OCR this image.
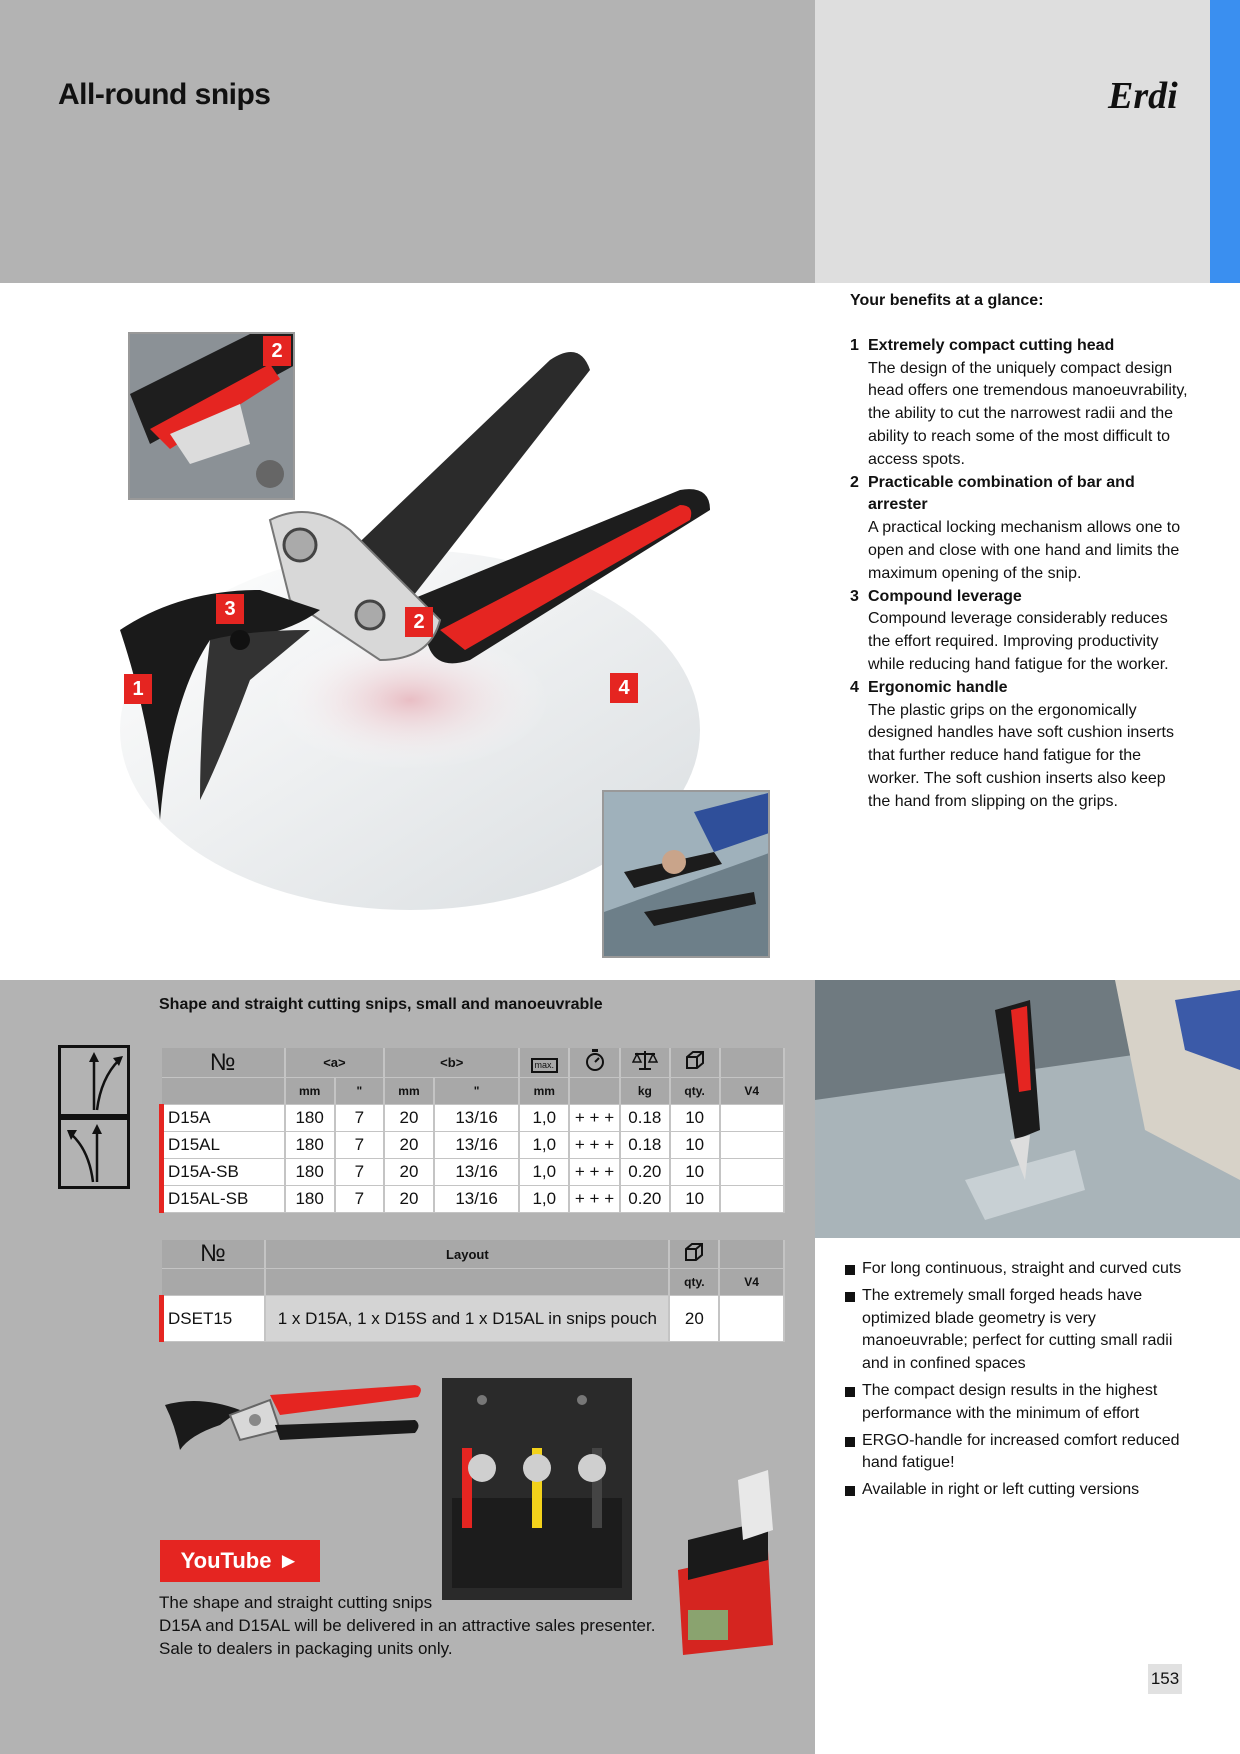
All-round snips	Erdi
2
1
3
2
4
Your benefits at a glance:
1 Extremely compact cutting head
The design of the uniquely compact design head offers one tremendous manoeuvrability, the ability to cut the narrowest radii and the ability to reach some of the most difficult to access spots.
2 Practicable combination of bar and arrester
A practical locking mechanism allows one to open and close with one hand and limits the maximum opening of the snip.
3 Compound leverage
Compound leverage considerably reduces the effort required. Improving productivity while reducing hand fatigue for the worker.
4 Ergonomic handle
The plastic grips on the ergonomically designed handles have soft cushion inserts that further reduce hand fatigue for the worker. The soft cushion inserts also keep the hand from slipping on the grips.
Shape and straight cutting snips, small and manoeuvrable
№	<a>		<b>		max.				
	mm	"	mm	"	mm		kg	qty.	V4
D15A	180	7	20	13/16	1,0	+ + +	0.18	10	
D15AL	180	7	20	13/16	1,0	+ + +	0.18	10	
D15A-SB	180	7	20	13/16	1,0	+ + +	0.20	10	
D15AL-SB	180	7	20	13/16	1,0	+ + +	0.20	10	
№	Layout		
		qty.	V4
DSET15	1 x D15A, 1 x D15S and 1 x D15AL in snips pouch	20	
YouTube ►
The shape and straight cutting snips
D15A and D15AL will be delivered in an attractive sales presenter.
Sale to dealers in packaging units only.
For long continuous, straight and curved cuts
The extremely small forged heads have optimized blade geometry is very manoeuvrable; perfect for cutting small radii and in confined spaces
The compact design results in the highest performance with the minimum of effort
ERGO-handle for increased comfort reduced hand fatigue!
Available in right or left cutting versions
153
